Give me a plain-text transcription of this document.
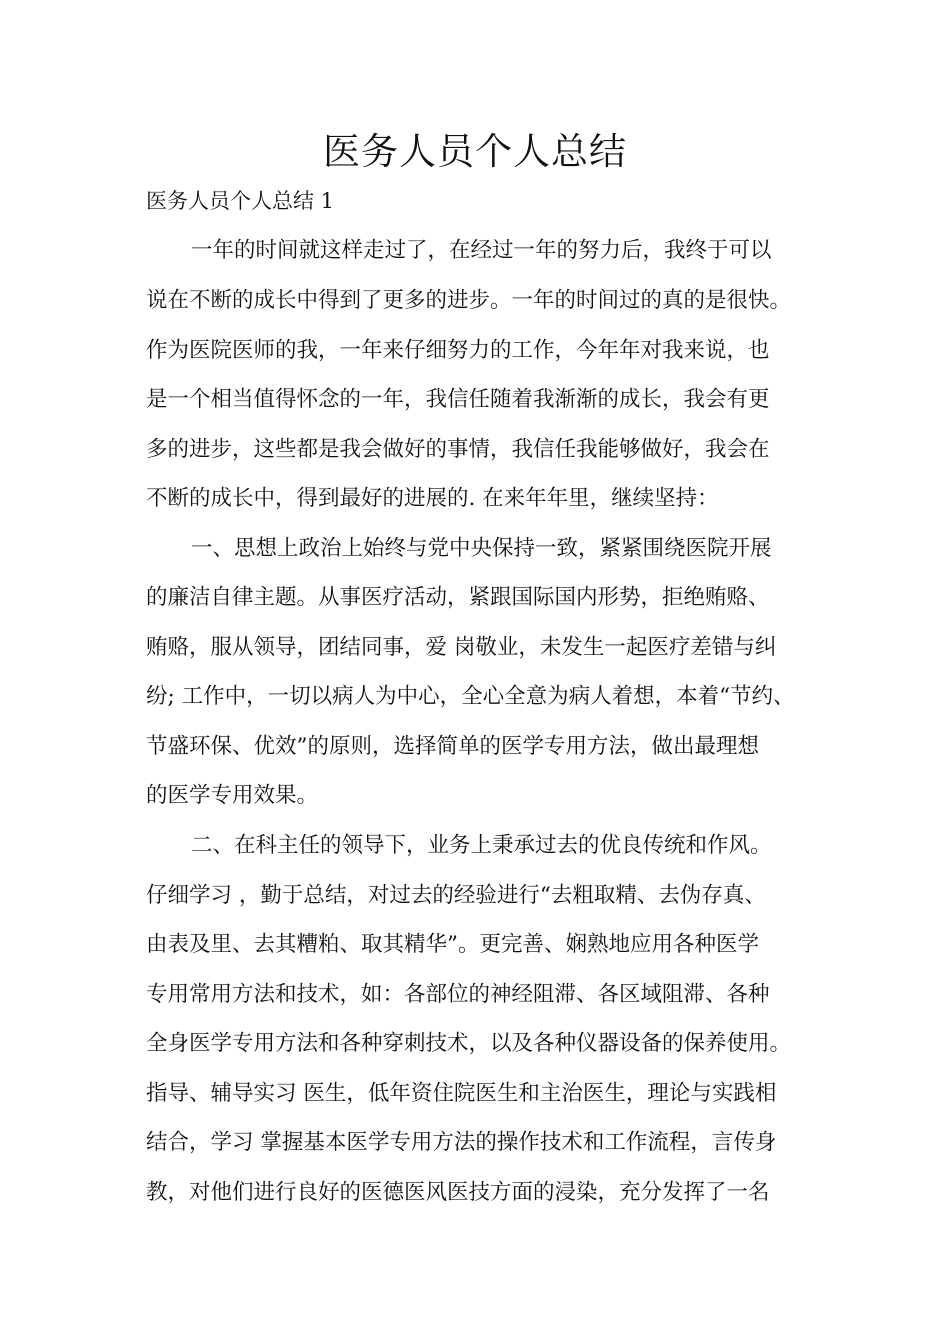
医务人员个人总结

医务人员个人总结 1

一年的时间就这样走过了，在经过一年的努力后，我终于可以

说在不断的成长中得到了更多的进步。一年的时间过的真的是很快。

作为医院医师的我，一年来仔细努力的工作，今年年对我来说，也

是一个相当值得怀念的一年，我信任随着我渐渐的成长，我会有更

多的进步，这些都是我会做好的事情，我信任我能够做好，我会在

不断的成长中，得到最好的进展的. 在来年年里，继续坚持：

一、思想上政治上始终与党中央保持一致，紧紧围绕医院开展

的廉洁自律主题。从事医疗活动，紧跟国际国内形势，拒绝贿赂、

贿赂，服从领导，团结同事，爱 岗敬业，未发生一起医疗差错与纠

纷; 工作中，一切以病人为中心，全心全意为病人着想，本着“节约、

节盛环保、优效”的原则，选择简单的医学专用方法，做出最理想

的医学专用效果。

二、在科主任的领导下，业务上秉承过去的优良传统和作风。

仔细学习 ，勤于总结，对过去的经验进行“去粗取精、去伪存真、

由表及里、去其糟粕、取其精华”。更完善、娴熟地应用各种医学

专用常用方法和技术，如：各部位的神经阻滞、各区域阻滞、各种

全身医学专用方法和各种穿刺技术，以及各种仪器设备的保养使用。

指导、辅导实习 医生，低年资住院医生和主治医生，理论与实践相

结合，学习 掌握基本医学专用方法的操作技术和工作流程，言传身

教，对他们进行良好的医德医风医技方面的浸染，充分发挥了一名
